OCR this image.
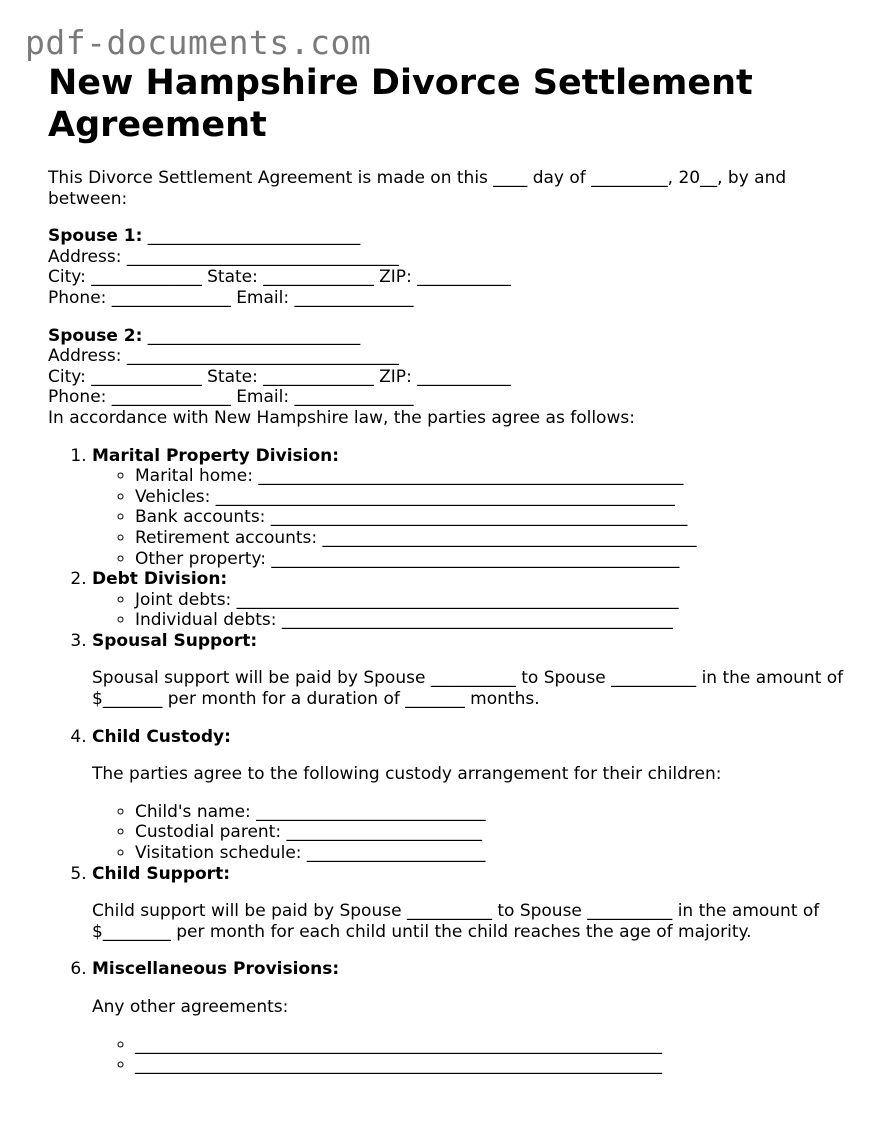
pdf-documents.com
New Hampshire Divorce Settlement Agreement

This Divorce Settlement Agreement is made on this ____ day of _________, 20__, by and between:

Spouse 1: _________________________

Address: ________________________________

City: _____________ State: _____________ ZIP: ___________

Phone: ______________ Email: ______________

Spouse 2: _________________________

Address: ________________________________

City: _____________ State: _____________ ZIP: ___________

Phone: ______________ Email: ______________

In accordance with New Hampshire law, the parties agree as follows:

1. Marital Property Division:
◦ Marital home: __________________________________________________
◦ Vehicles: ______________________________________________________
◦ Bank accounts: _________________________________________________
◦ Retirement accounts: ____________________________________________
◦ Other property: ________________________________________________
2. Debt Division:
◦ Joint debts: ____________________________________________________
◦ Individual debts: ______________________________________________
3. Spousal Support:

Spousal support will be paid by Spouse __________ to Spouse __________ in the amount of $_______ per month for a duration of _______ months.

4. Child Custody:

The parties agree to the following custody arrangement for their children:

◦ Child's name: ___________________________
◦ Custodial parent: _______________________
◦ Visitation schedule: _____________________
5. Child Support:

Child support will be paid by Spouse __________ to Spouse __________ in the amount of $________ per month for each child until the child reaches the age of majority.

6. Miscellaneous Provisions:

Any other agreements:

◦ ______________________________________________________________
◦ ______________________________________________________________
